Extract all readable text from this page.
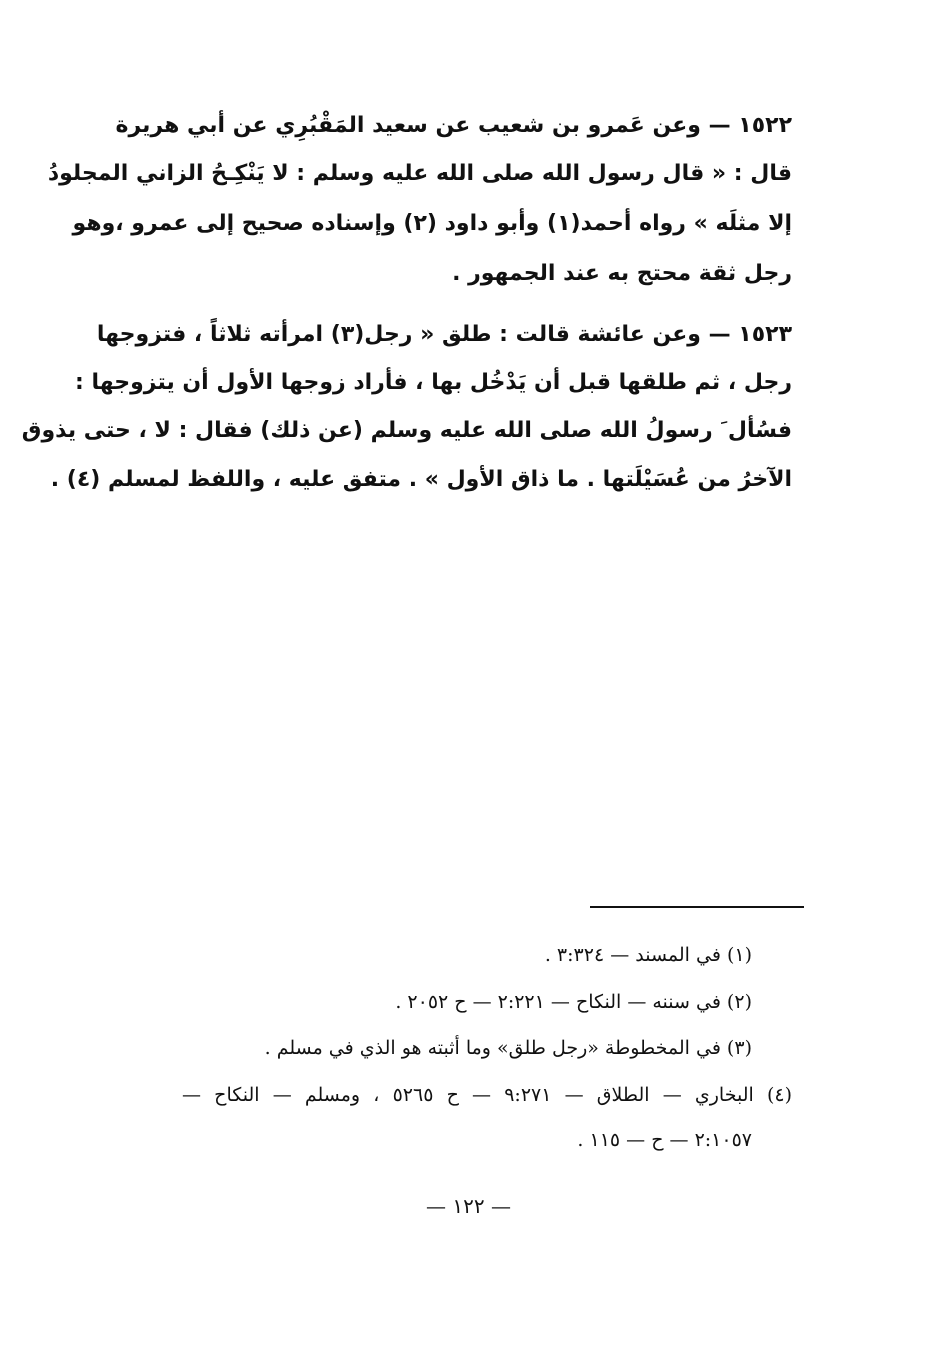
١٥٢٢ — وعن عَمرو بن شعيب عن سعيد المَقْبُرِي عن أبي هريرة
قال : « قال رسول الله صلى الله عليه وسلم : لا يَنْكِـحُ الزاني المجلودُ
إلا مثلَه » رواه أحمد(١) وأبو داود (٢) وإسناده صحيح إلى عمرو ،وهو
رجل ثقة محتج به عند الجمهور .
١٥٢٣ — وعن عائشة قالت : طلق « رجل(٣) امرأته ثلاثاً ، فتزوجها
رجل ، ثم طلقها قبل أن يَدْخُل بها ، فأراد زوجها الأول أن يتزوجها :
فسُأل َ رسولُ الله صلى الله عليه وسلم (عن ذلك) فقال : لا ، حتى يذوق
الآخرُ من عُسَيْلَتها . ما ذاق الأول » . متفق عليه ، واللفظ لمسلم (٤) .
(١) في المسند — ٣:٣٢٤ .
(٢) في سننه — النكاح — ٢:٢٢١ — ح ٢٠٥٢ .
(٣) في المخطوطة «رجل طلق» وما أثبته هو الذي في مسلم .
(٤) البخاري — الطلاق — ٩:٢٧١ — ح ٥٢٦٥ ، ومسلم — النكاح —
٢:١٠٥٧ — ح — ١١٥ .
— ١٢٢ —
